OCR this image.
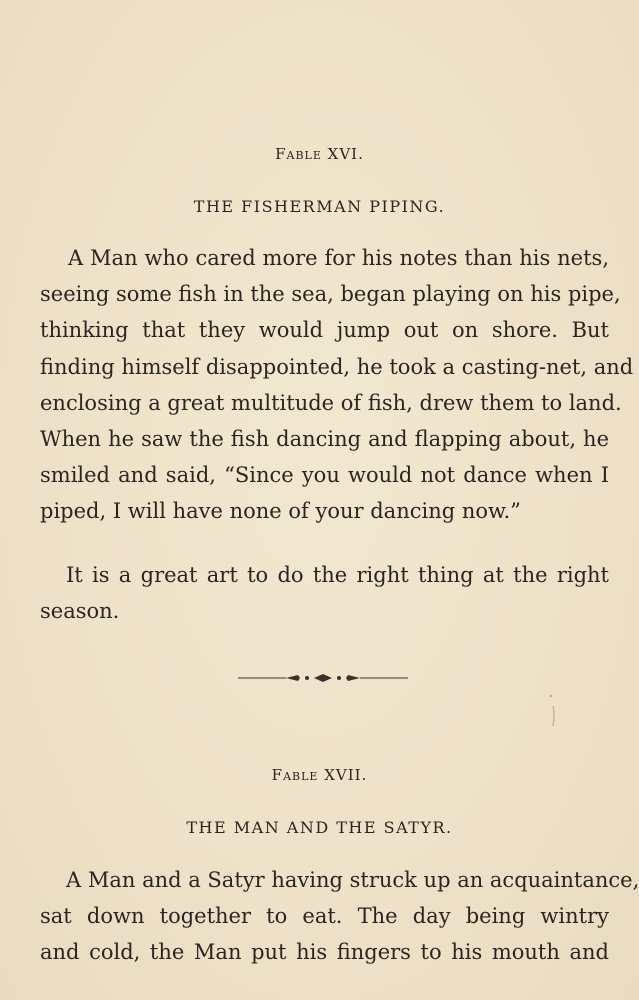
Fable XVI.
THE FISHERMAN PIPING.
A Man who cared more for his notes than his nets,
seeing some fish in the sea, began playing on his pipe,
thinking that they would jump out on shore. But
finding himself disappointed, he took a casting-net, and
enclosing a great multitude of fish, drew them to land.
When he saw the fish dancing and flapping about, he
smiled and said, “Since you would not dance when I
piped, I will have none of your dancing now.”
It is a great art to do the right thing at the right
season.
Fable XVII.
THE MAN AND THE SATYR.
A Man and a Satyr having struck up an acquaintance,
sat down together to eat. The day being wintry
and cold, the Man put his fingers to his mouth and
